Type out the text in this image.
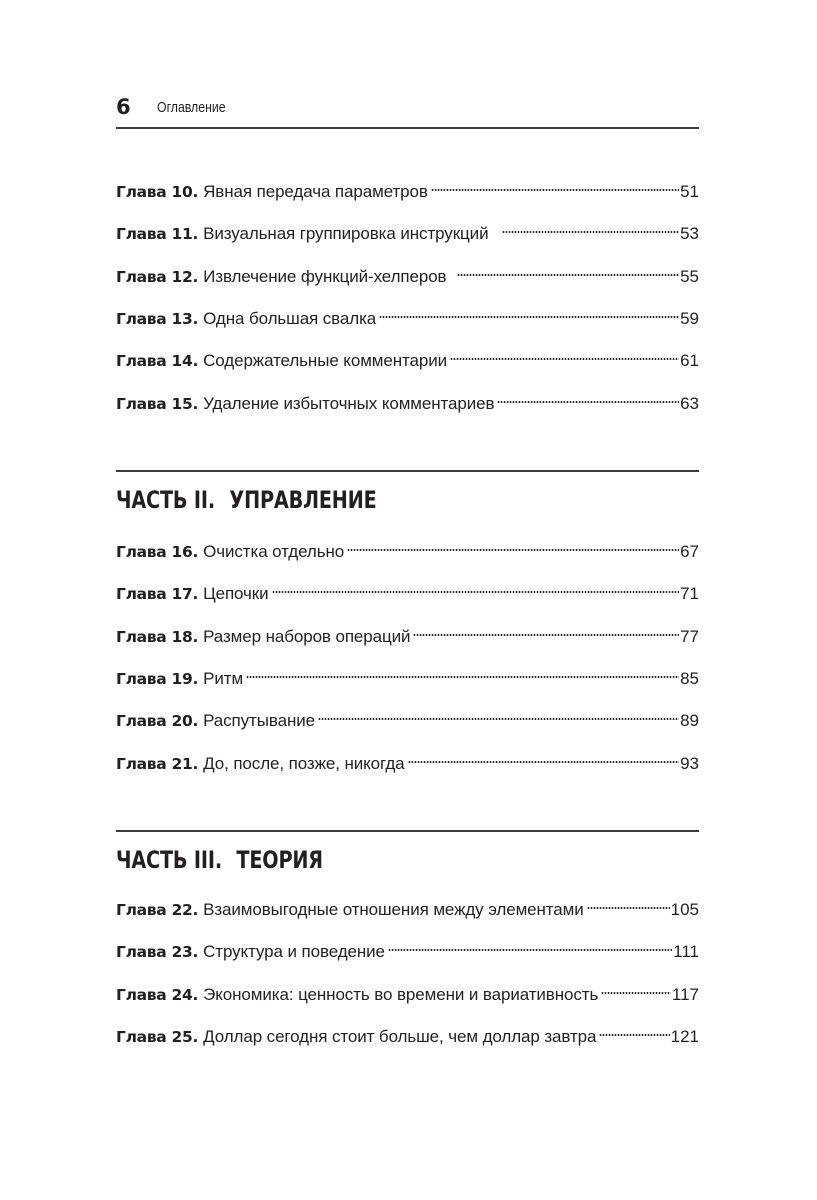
6 Оглавление
Глава 10. Явная передача параметров	51
Глава 11. Визуальная группировка инструкций	53
Глава 12. Извлечение функций-хелперов	55
Глава 13. Одна большая свалка	59
Глава 14. Содержательные комментарии	61
Глава 15. Удаление избыточных комментариев	63
ЧАСТЬ II. УПРАВЛЕНИЕ
Глава 16. Очистка отдельно	67
Глава 17. Цепочки	71
Глава 18. Размер наборов операций	77
Глава 19. Ритм	85
Глава 20. Распутывание	89
Глава 21. До, после, позже, никогда	93
ЧАСТЬ III. ТЕОРИЯ
Глава 22. Взаимовыгодные отношения между элементами	105
Глава 23. Структура и поведение	111
Глава 24. Экономика: ценность во времени и вариативность	117
Глава 25. Доллар сегодня стоит больше, чем доллар завтра	121
